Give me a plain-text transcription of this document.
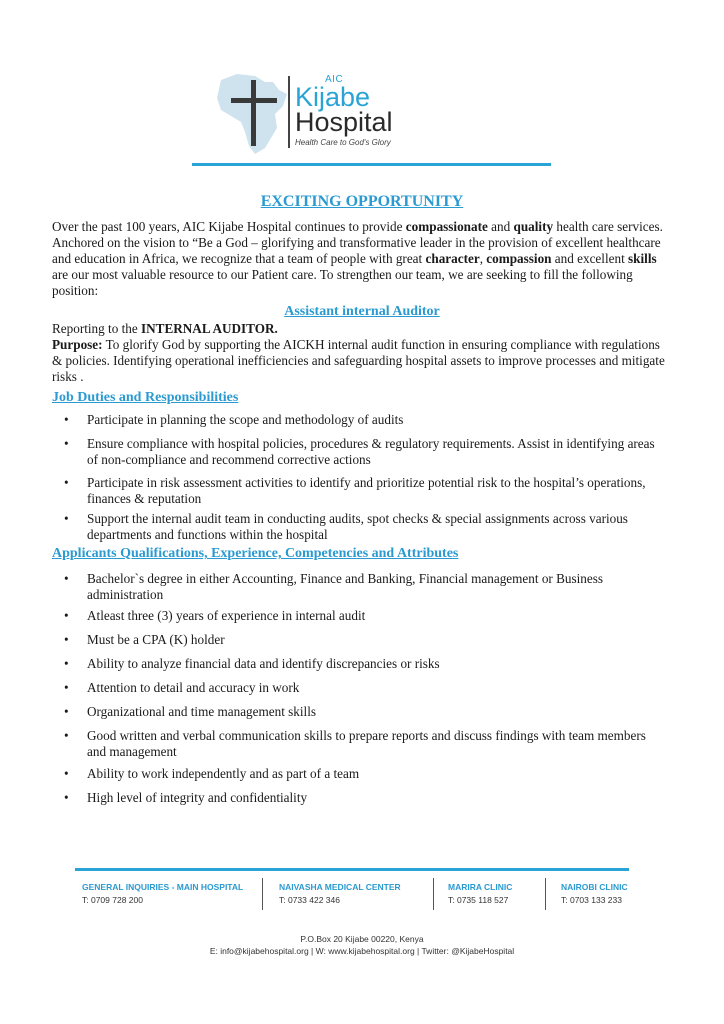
AIC
Kijabe
Hospital
Health Care to God's Glory
EXCITING OPPORTUNITY
Over the past 100 years, AIC Kijabe Hospital continues to provide compassionate and quality health care services. Anchored on the vision to “Be a God – glorifying and transformative leader in the provision of excellent healthcare and education in Africa, we recognize that a team of people with great character, compassion and excellent skills are our most valuable resource to our Patient care. To strengthen our team, we are seeking to fill the following position:
Assistant internal Auditor
Reporting to the INTERNAL AUDITOR.
Purpose: To glorify God by supporting the AICKH internal audit function in ensuring compliance with regulations & policies. Identifying operational inefficiencies and safeguarding hospital assets to improve processes and mitigate risks .
Job Duties and Responsibilities
• Participate in planning the scope and methodology of audits
• Ensure compliance with hospital policies, procedures & regulatory requirements. Assist in identifying areas of non-compliance and recommend corrective actions
• Participate in risk assessment activities to identify and prioritize potential risk to the hospital’s operations, finances & reputation
• Support the internal audit team in conducting audits, spot checks & special assignments across various departments and functions within the hospital
Applicants Qualifications, Experience, Competencies and Attributes
• Bachelor`s degree in either Accounting, Finance and Banking, Financial management or Business administration
• Atleast three (3) years of experience in internal audit
• Must be a CPA (K) holder
• Ability to analyze financial data and identify discrepancies or risks
• Attention to detail and accuracy in work
• Organizational and time management skills
• Good written and verbal communication skills to prepare reports and discuss findings with team members and management
• Ability to work independently and as part of a team
• High level of integrity and confidentiality
GENERAL INQUIRIES - MAIN HOSPITAL
T: 0709 728 200
NAIVASHA MEDICAL CENTER
T: 0733 422 346
MARIRA CLINIC
T: 0735 118 527
NAIROBI CLINIC
T: 0703 133 233
P.O.Box 20 Kijabe 00220, Kenya
E: info@kijabehospital.org | W: www.kijabehospital.org | Twitter: @KijabeHospital
